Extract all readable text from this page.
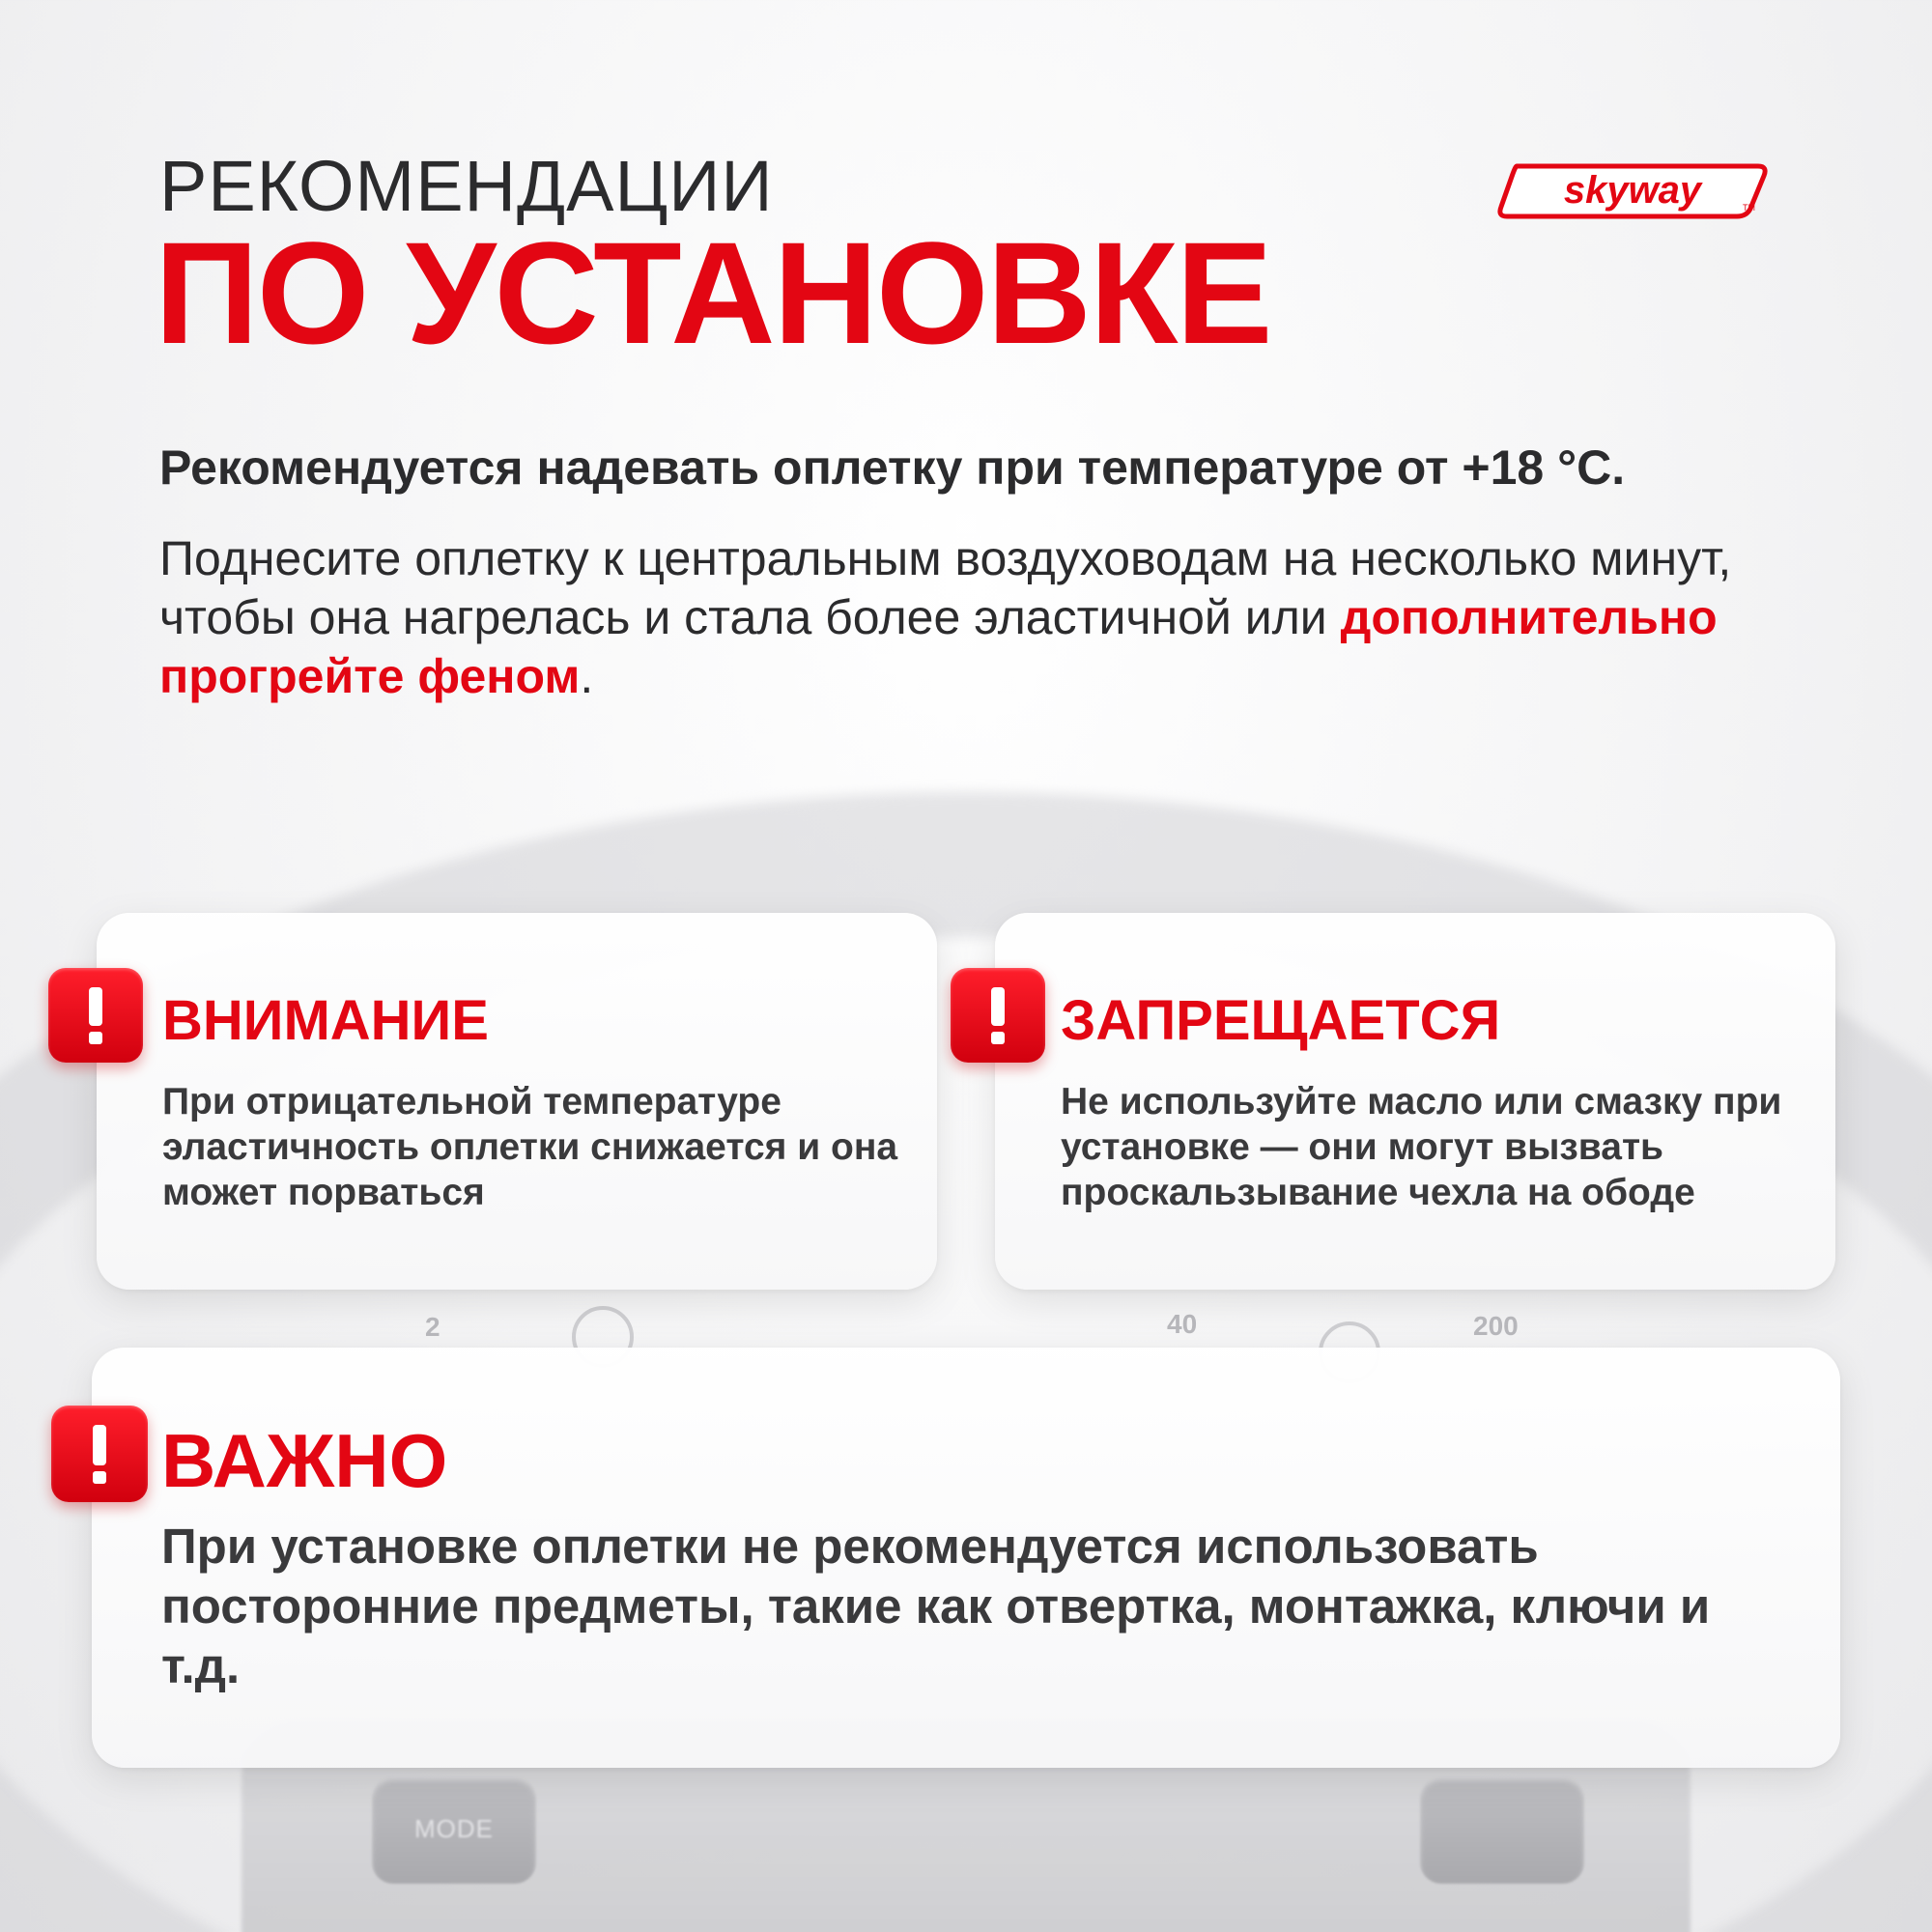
MODE
2	40	200
РЕКОМЕНДАЦИИ
ПО УСТАНОВКЕ
skyway	TM
Рекомендуется надевать оплетку при температуре от +18 °С.
Поднесите оплетку к центральным воздуховодам на несколько минут, чтобы она нагрелась и стала более эластичной или дополнительно прогрейте феном.
ВНИМАНИЕ
При отрицательной температуре эластичность оплетки снижается и она может порваться
ЗАПРЕЩАЕТСЯ
Не используйте масло или смазку при установке — они могут вызвать проскальзывание чехла на ободе
ВАЖНО
При установке оплетки не рекомендуется использовать посторонние предметы, такие как отвертка, монтажка, ключи и т.д.
